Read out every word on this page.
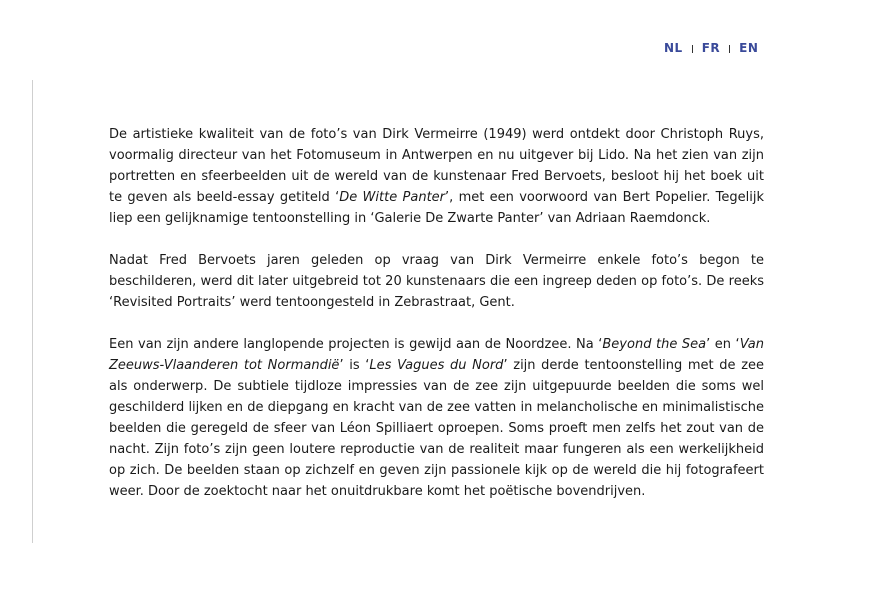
NL FR EN

De artistieke kwaliteit van de foto’s van Dirk Vermeirre (1949) werd ontdekt door Christoph Ruys, voormalig directeur van het Fotomuseum in Antwerpen en nu uitgever bij Lido. Na het zien van zijn portretten en sfeerbeelden uit de wereld van de kunstenaar Fred Bervoets, besloot hij het boek uit te geven als beeld-essay getiteld ‘De Witte Panter’, met een voorwoord van Bert Popelier. Tegelijk liep een gelijknamige tentoonstelling in ‘Galerie De Zwarte Panter’ van Adriaan Raemdonck.

Nadat Fred Bervoets jaren geleden op vraag van Dirk Vermeirre enkele foto’s begon te beschilderen, werd dit later uitgebreid tot 20 kunstenaars die een ingreep deden op foto’s. De reeks ‘Revisited Portraits’ werd tentoongesteld in Zebrastraat, Gent.

Een van zijn andere langlopende projecten is gewijd aan de Noordzee. Na ‘Beyond the Sea’ en ‘Van Zeeuws-Vlaanderen tot Normandië’ is ‘Les Vagues du Nord’ zijn derde tentoonstelling met de zee als onderwerp. De subtiele tijdloze impressies van de zee zijn uitgepuurde beelden die soms wel geschilderd lijken en de diepgang en kracht van de zee vatten in melancholische en minimalistische beelden die geregeld de sfeer van Léon Spilliaert oproepen. Soms proeft men zelfs het zout van de nacht. Zijn foto’s zijn geen loutere reproductie van de realiteit maar fungeren als een werkelijkheid op zich. De beelden staan op zichzelf en geven zijn passionele kijk op de wereld die hij fotografeert weer. Door de zoektocht naar het onuitdrukbare komt het poëtische bovendrijven.
